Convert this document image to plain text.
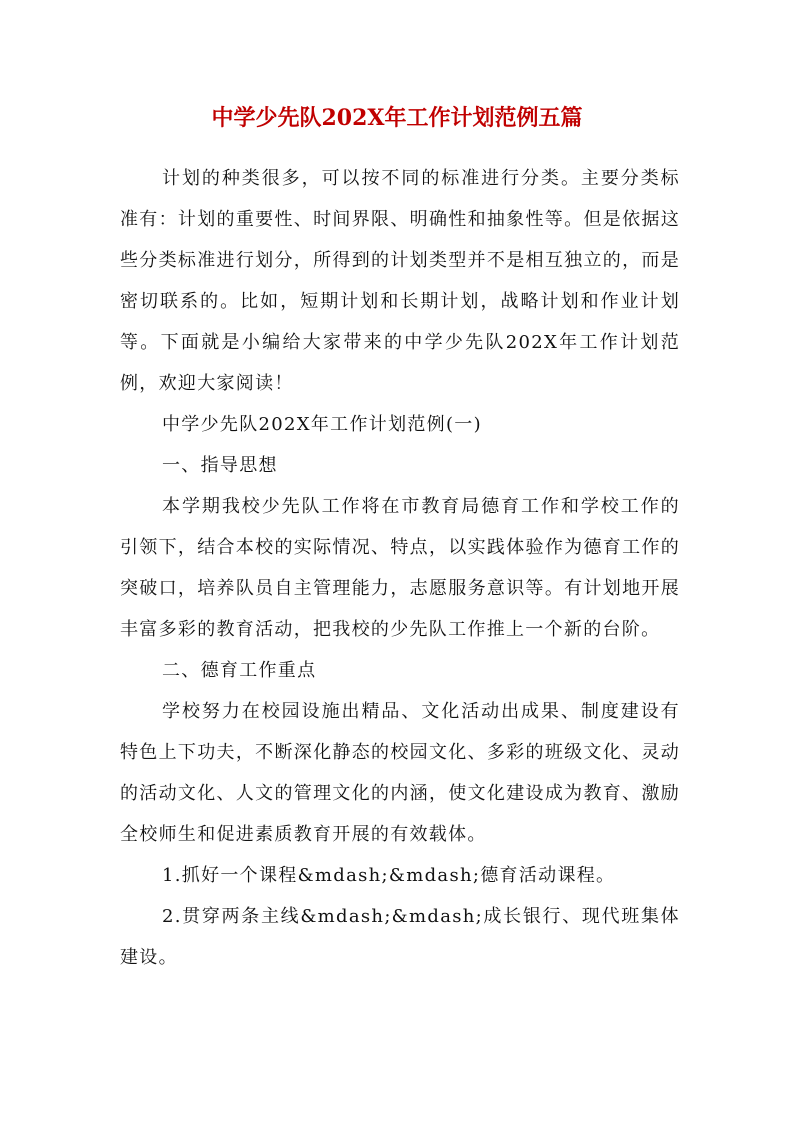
中学少先队202X年工作计划范例五篇

计划的种类很多，可以按不同的标准进行分类。主要分类标准有：计划的重要性、时间界限、明确性和抽象性等。但是依据这些分类标准进行划分，所得到的计划类型并不是相互独立的，而是密切联系的。比如，短期计划和长期计划，战略计划和作业计划等。下面就是小编给大家带来的中学少先队202X年工作计划范例，欢迎大家阅读！

中学少先队202X年工作计划范例(一)

一、指导思想

本学期我校少先队工作将在市教育局德育工作和学校工作的引领下，结合本校的实际情况、特点，以实践体验作为德育工作的突破口，培养队员自主管理能力，志愿服务意识等。有计划地开展丰富多彩的教育活动，把我校的少先队工作推上一个新的台阶。

二、德育工作重点

学校努力在校园设施出精品、文化活动出成果、制度建设有特色上下功夫，不断深化静态的校园文化、多彩的班级文化、灵动的活动文化、人文的管理文化的内涵，使文化建设成为教育、激励全校师生和促进素质教育开展的有效载体。

1.抓好一个课程&mdash;&mdash;德育活动课程。

2.贯穿两条主线&mdash;&mdash;成长银行、现代班集体建设。
